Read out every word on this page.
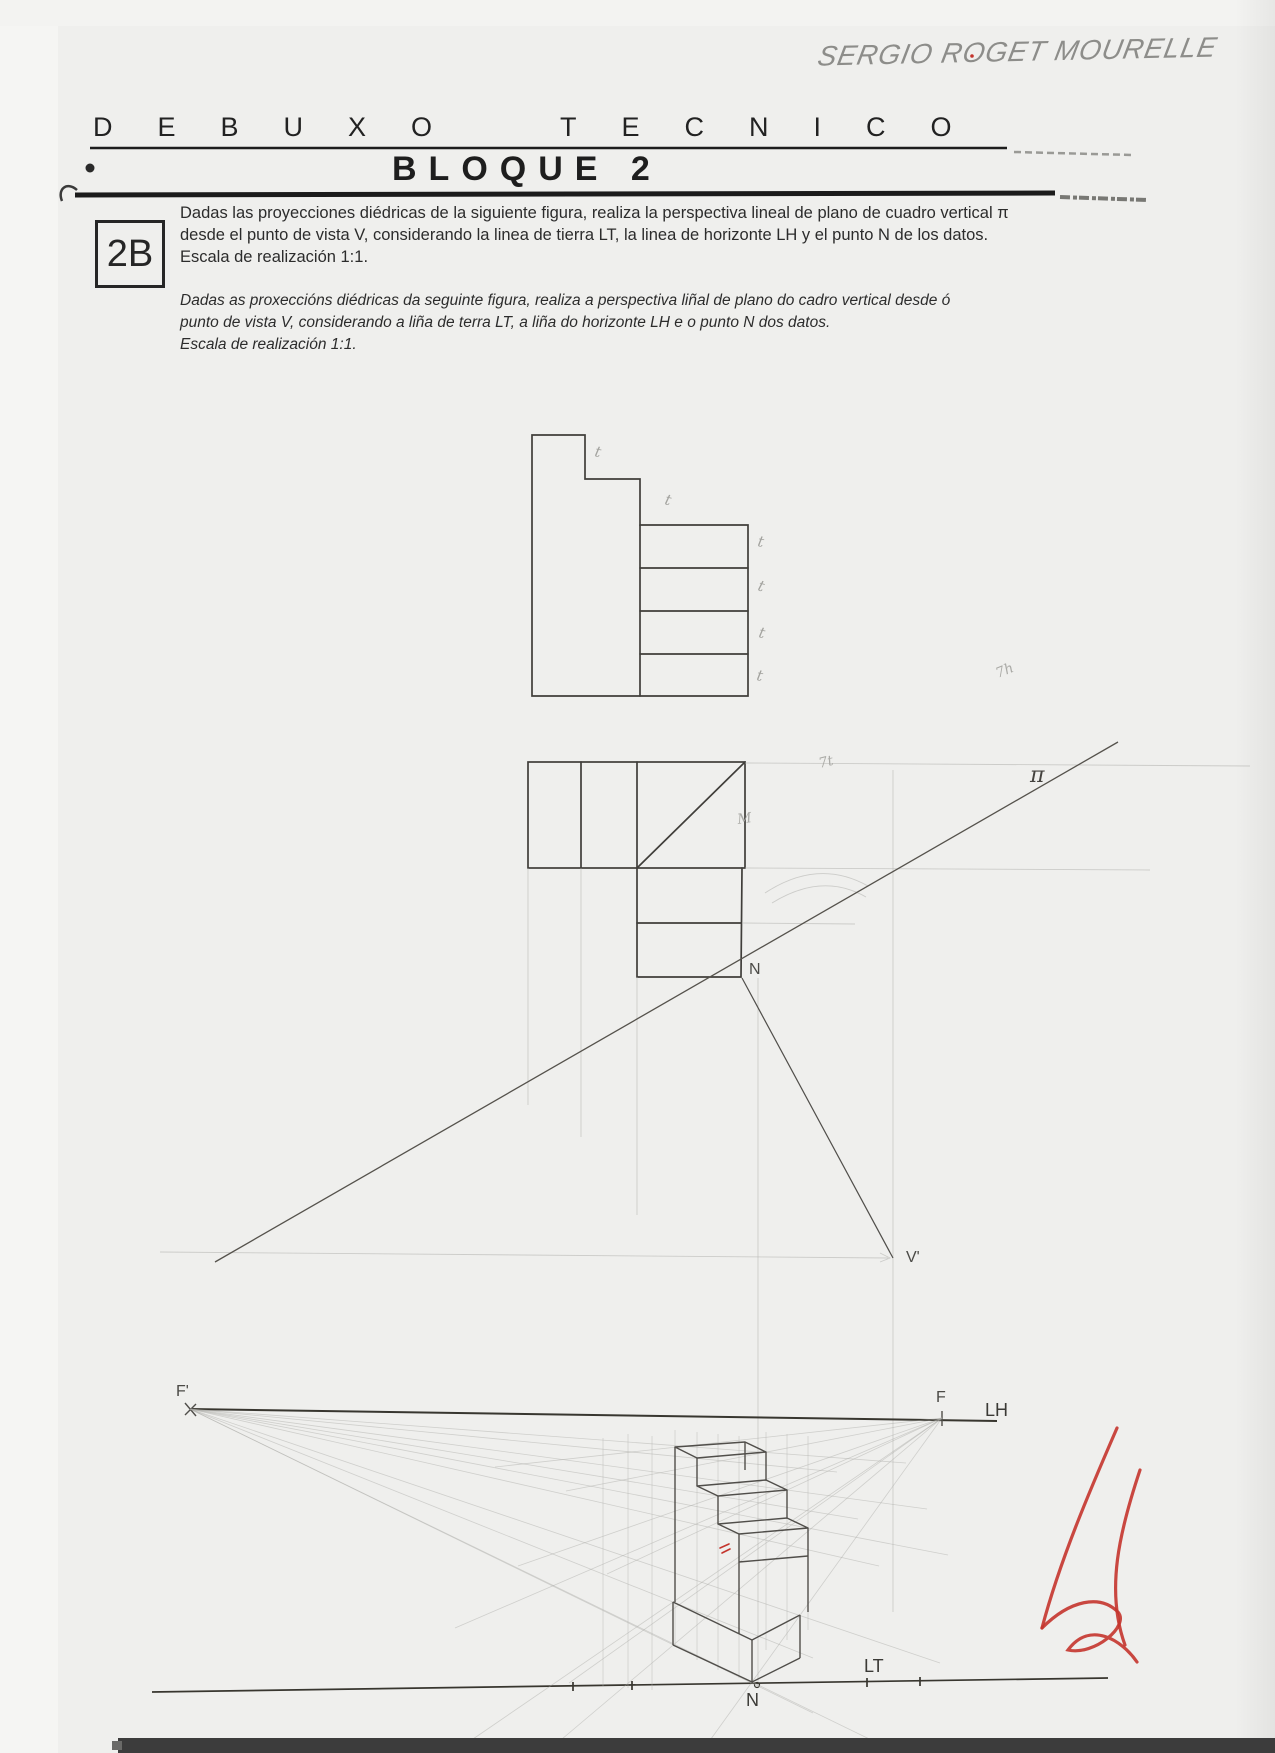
t
t
t
t
t
t
π
7h
7t
M
N
V'
F'	F
LH
N
LT
DEBUXO	TECNICO
BLOQUE 2
SERGIO ROGET MOURELLE
2B
Dadas las proyecciones diédricas de la siguiente figura, realiza la perspectiva lineal de plano de cuadro vertical π
desde el punto de vista V, considerando la linea de tierra LT, la linea de horizonte LH y el punto N de los datos.
Escala de realización 1:1.
Dadas as proxeccións diédricas da seguinte figura, realiza a perspectiva liñal de plano do cadro vertical desde ó
punto de vista V, considerando a liña de terra LT, a liña do horizonte LH e o punto N dos datos.
Escala de realización 1:1.
